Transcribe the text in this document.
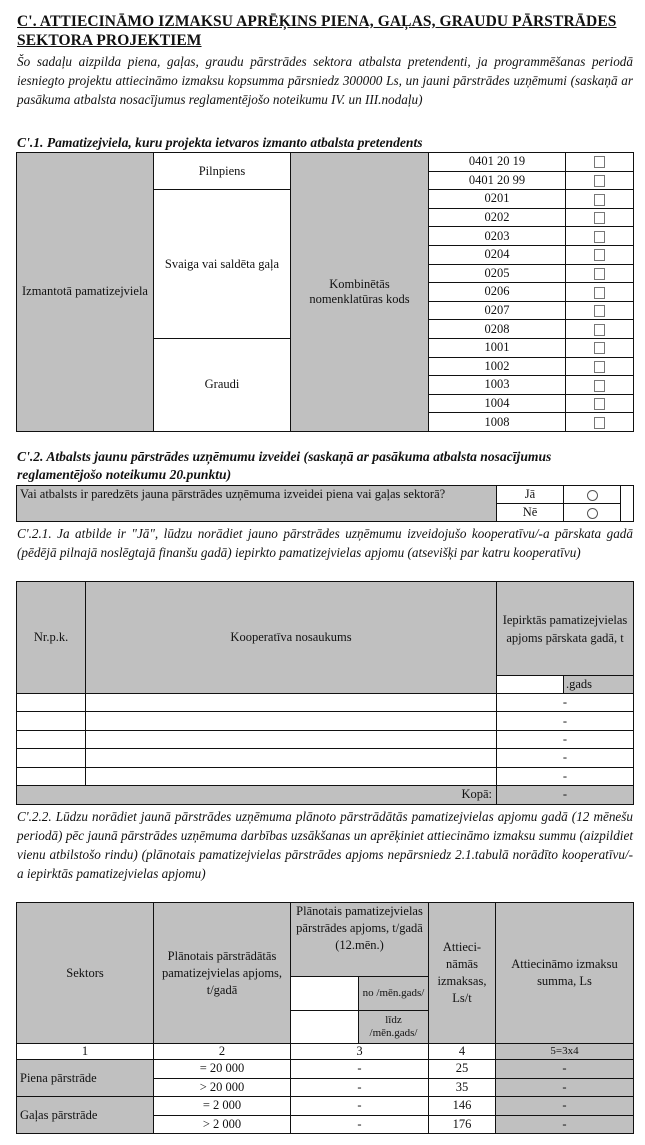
C'. ATTIECINĀMO IZMAKSU APRĒĶINS PIENA, GAĻAS, GRAUDU PĀRSTRĀDES SEKTORA PROJEKTIEM
Šo sadaļu aizpilda piena, gaļas, graudu pārstrādes sektora atbalsta pretendenti, ja programmēšanas periodā iesniegto projektu attiecināmo izmaksu kopsumma pārsniedz 300000 Ls, un jauni pārstrādes uzņēmumi (saskaņā ar pasākuma atbalsta nosacījumus reglamentējošo noteikumu IV. un III.nodaļu)
C'.1. Pamatizejviela, kuru projekta ietvaros izmanto atbalsta pretendents
Izmantotā pamatizejviela	Pilnpiens	Kombinētās nomenklatūras kods	0401 20 19	
			0401 20 99	
	Svaiga vai saldēta gaļa		0201	
			0202	
			0203	
			0204	
			0205	
			0206	
			0207	
			0208	
	Graudi		1001	
			1002	
			1003	
			1004	
			1008	
C'.2. Atbalsts jaunu pārstrādes uzņēmumu izveidei (saskaņā ar pasākuma atbalsta nosacījumus reglamentējošo noteikumu 20.punktu)
Vai atbalsts ir paredzēts jauna pārstrādes uzņēmuma izveidei piena vai gaļas sektorā?	Jā		
	Nē		
C'.2.1. Ja atbilde ir "Jā", lūdzu norādiet jauno pārstrādes uzņēmumu izveidojušo kooperatīvu/-a pārskata gadā (pēdējā pilnajā noslēgtajā finanšu gadā) iepirkto pamatizejvielas apjomu (atsevišķi par katru kooperatīvu)
Nr.p.k.	Kooperatīva nosaukums	Iepirktās pamatizejvielas apjoms pārskata gadā, t	
			.gads
		-	
		-	
		-	
		-	
		-	
Kopā:		-	
C'.2.2. Lūdzu norādiet jaunā pārstrādes uzņēmuma plānoto pārstrādātās pamatizejvielas apjomu gadā (12 mēnešu periodā) pēc jaunā pārstrādes uzņēmuma darbības uzsākšanas un aprēķiniet attiecināmo izmaksu summu (aizpildiet vienu atbilstošo rindu) (plānotais pamatizejvielas pārstrādes apjoms nepārsniedz 2.1.tabulā norādīto kooperatīvu/-a iepirktās pamatizejvielas apjomu)
Sektors	Plānotais pārstrādātās pamatizejvielas apjoms, t/gadā	Plānotais pamatizejvielas pārstrādes apjoms, t/gadā (12.mēn.)		Attieci-nāmās izmaksas, Ls/t	Attiecināmo izmaksu summa, Ls
			no /mēn.gads/		
			līdz /mēn.gads/		
1	2	3		4	5=3x4
Piena pārstrāde	= 20 000	-		25	-
	> 20 000	-		35	-
Gaļas pārstrāde	= 2 000	-		146	-
	> 2 000	-		176	-
